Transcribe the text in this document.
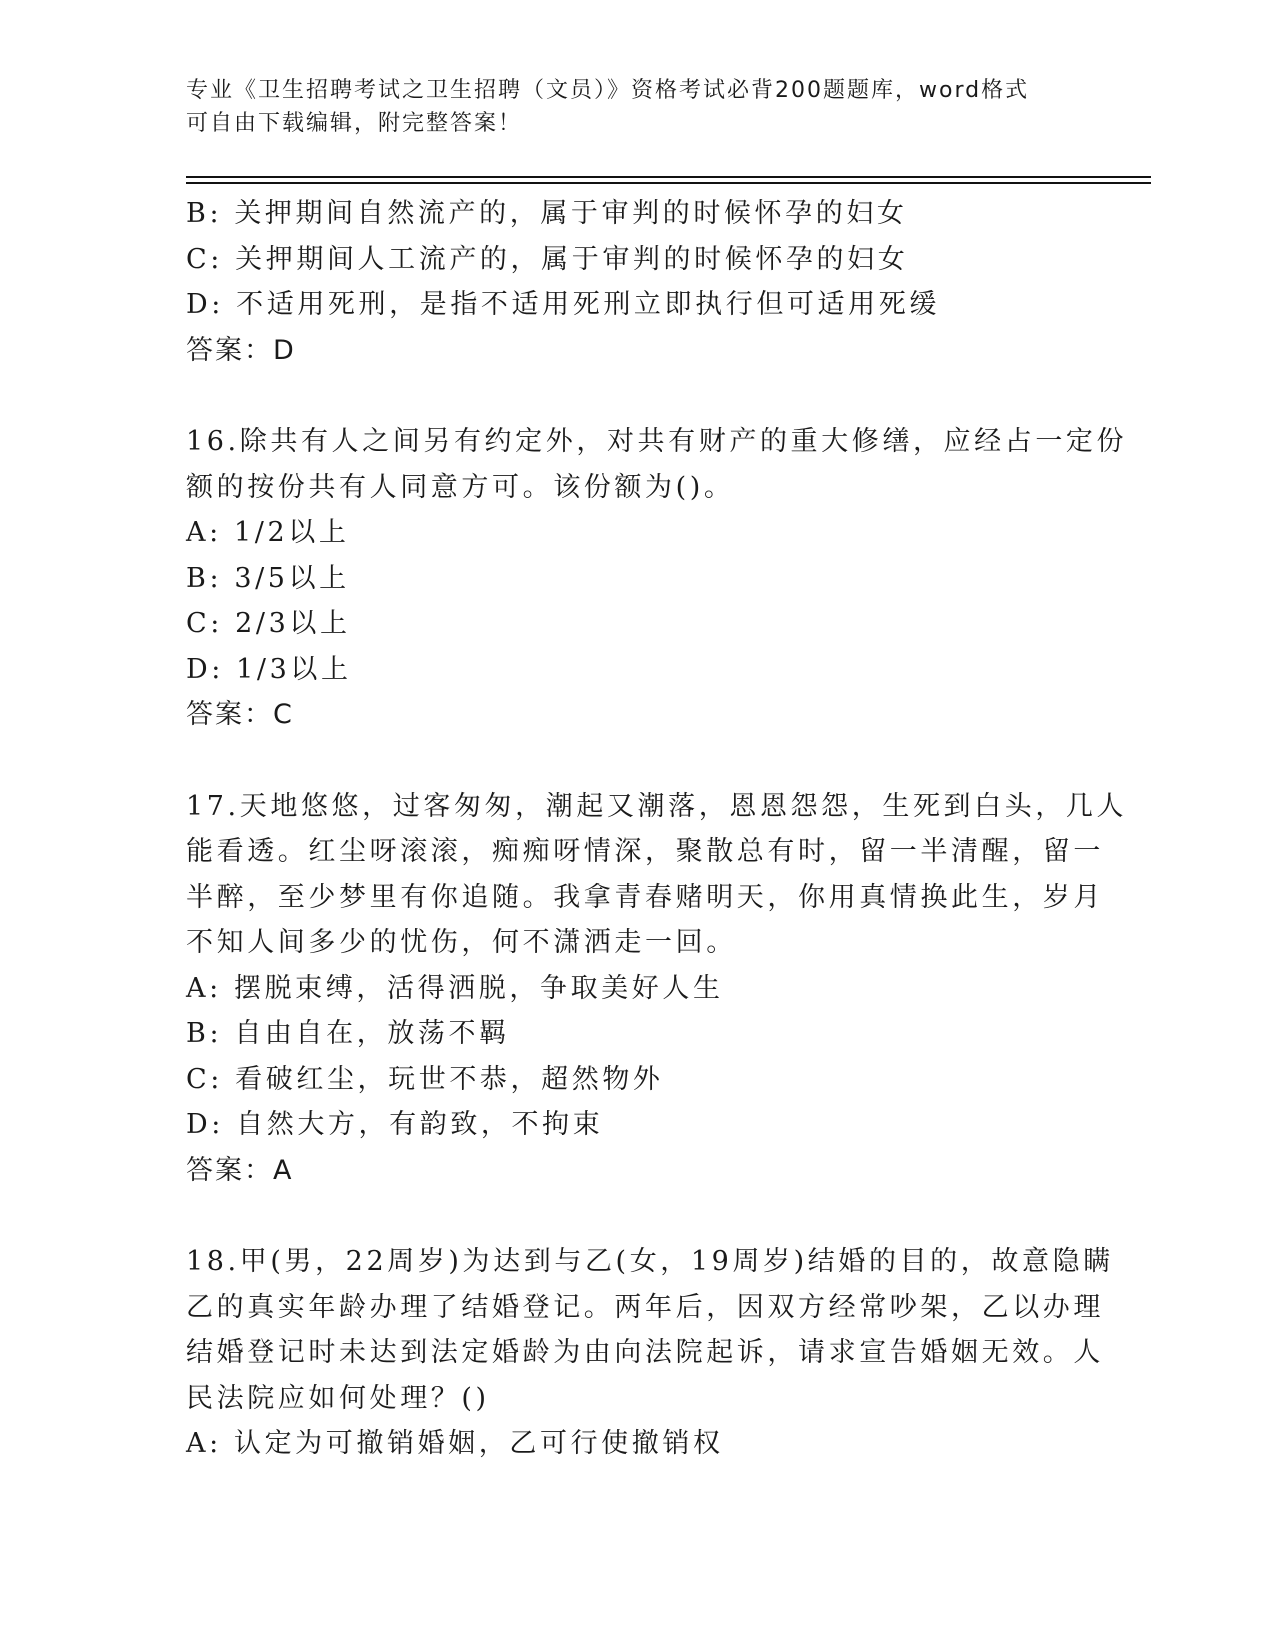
专业《卫生招聘考试之卫生招聘（文员）》资格考试必背200题题库，word格式
可自由下载编辑，附完整答案！
B: 关押期间自然流产的，属于审判的时候怀孕的妇女
C: 关押期间人工流产的，属于审判的时候怀孕的妇女
D: 不适用死刑，是指不适用死刑立即执行但可适用死缓
答案：D
16.除共有人之间另有约定外，对共有财产的重大修缮，应经占一定份
额的按份共有人同意方可。该份额为()。
A: 1/2以上
B: 3/5以上
C: 2/3以上
D: 1/3以上
答案：C
17.天地悠悠，过客匆匆，潮起又潮落，恩恩怨怨，生死到白头，几人
能看透。红尘呀滚滚，痴痴呀情深，聚散总有时，留一半清醒，留一
半醉，至少梦里有你追随。我拿青春赌明天，你用真情换此生，岁月
不知人间多少的忧伤，何不潇洒走一回。
A: 摆脱束缚，活得洒脱，争取美好人生
B: 自由自在，放荡不羁
C: 看破红尘，玩世不恭，超然物外
D: 自然大方，有韵致，不拘束
答案：A
18.甲(男，22周岁)为达到与乙(女，19周岁)结婚的目的，故意隐瞒
乙的真实年龄办理了结婚登记。两年后，因双方经常吵架，乙以办理
结婚登记时未达到法定婚龄为由向法院起诉，请求宣告婚姻无效。人
民法院应如何处理？()
A: 认定为可撤销婚姻，乙可行使撤销权
